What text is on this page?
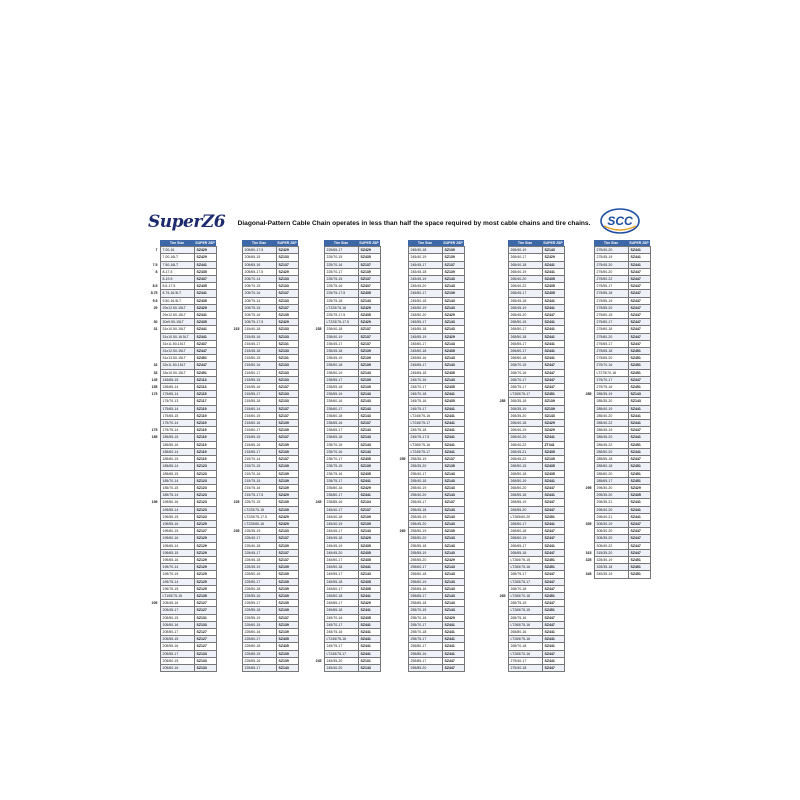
SuperZ6	Diagonal-Pattern Cable Chain operates in less than half the space required by most cable chains and tire chains.	SCC
	Tire Size	SUPER Z6P
7	7.00-16	SZ429
	7.00-16LT	SZ429
7.5	7.50-16LT	SZ441
8	8-17.5	SZ435
	8-19.5	SZ437
8.5	8.5-17.5	SZ435
8.75	8.75-16.5LT	SZ441
9.5	9.50-16.5LT	SZ435
29	29x12.50-15LT	SZ429
	29x12.50-15LT	SZ441
30	30x9.50-15LT	SZ435
31	31x10.50-15LT	SZ441
	31x10.50-16.5LT	SZ441
	31x11.50-15LT	SZ437
	31x12.50-15LT	SZ447
	31x13.50-15LT	SZ451
32	32x11.50-15LT	SZ447
33	33x10.50-15LT	SZ451
145	145/65-15	SZ113
155	155/65-14	SZ113
175	175/65-14	SZ115
	175/70-13	SZ117
	175/65-14	SZ119
	175/65-15	SZ119
	175/70-14	SZ119
175	175/75-14	SZ119
185	185/55-15	SZ119
	185/55-16	SZ119
	185/60-14	SZ119
	185/60-15	SZ119
	185/65-14	SZ123
	185/65-15	SZ123
	185/70-14	SZ123
	185/70-15	SZ123
	185/75-14	SZ123
195	195/50-16	SZ123
	195/55-14	SZ123
	195/55-15	SZ123
	195/55-16	SZ129
	195/60-15	SZ127
	195/60-16	SZ129
	195/65-14	SZ129
	195/65-15	SZ129
	195/65-16	SZ129
	195/70-14	SZ129
	195/70-15	SZ129
	195/75-14	SZ129
	195/75-15	SZ129
	LT195/75-15	SZ135
205	205/45-16	SZ127
	205/45-17	SZ127
	205/50-15	SZ131
	205/50-16	SZ133
	205/50-17	SZ127
	205/55-15	SZ127
	205/55-16	SZ127
	205/55-17	SZ133
	205/60-15	SZ133
	205/60-16	SZ133
	Tire Size	SUPER Z6P
	205/60-17.5	SZ429
	205/65-15	SZ133
	205/65-16	SZ137
	205/65-17.5	SZ429
	205/70-14	SZ133
	205/70-15	SZ133
	205/70-16	SZ137
	205/75-14	SZ133
	205/75-15	SZ137
	205/75-16	SZ139
	205/75-17.5	SZ429
215	215/40-18	SZ133
	215/45-16	SZ133
	215/45-17	SZ131
	215/45-18	SZ133
	215/50-15	SZ131
	215/50-16	SZ133
	215/50-17	SZ133
	215/55-15	SZ133
	215/55-16	SZ137
	215/55-17	SZ133
	215/55-18	SZ133
	215/60-14	SZ137
	215/60-15	SZ137
	215/60-16	SZ139
	215/60-17	SZ139
	215/65-15	SZ137
	215/65-16	SZ139
	215/65-17	SZ139
	215/70-14	SZ137
	215/70-15	SZ139
	215/70-16	SZ139
	215/75-15	SZ139
	215/75-16	SZ139
	215/75-17.5	SZ429
225	225/70-15	SZ139
	LT225/75-15	SZ139
	LT225/75-17.5	SZ429
	LT225/80-16	SZ429
235	225/35-19	SZ133
	225/40-17	SZ137
	225/40-18	SZ139
	225/45-17	SZ137
	225/45-18	SZ137
	225/45-19	SZ139
	225/50-16	SZ139
	225/50-17	SZ139
	225/50-18	SZ139
	225/55-16	SZ139
	225/55-17	SZ139
	225/55-18	SZ139
	225/55-19	SZ137
	225/60-15	SZ139
	225/60-16	SZ139
	225/60-17	SZ435
	225/60-18	SZ435
	225/65-15	SZ139
	225/65-16	SZ139
	225/65-17	SZ143
	Tire Size	SUPER Z6P
	225/65-17	SZ429
	225/70-15	SZ435
	225/70-16	SZ137
	225/70-17	SZ139
	225/75-15	SZ137
	225/75-16	SZ437
	225/75-17.5	SZ435
	225/75-18	SZ143
	LT225/75-16	SZ429
	225/75-17.5	SZ435
	LT225/75-17.5	SZ429
235	235/40-18	SZ137
	235/40-19	SZ137
	235/45-17	SZ137
	235/45-18	SZ139
	235/45-19	SZ139
	235/50-18	SZ139
	235/50-19	SZ143
	235/55-17	SZ139
	235/55-18	SZ139
	235/55-19	SZ143
	235/60-16	SZ143
	235/60-17	SZ143
	235/60-18	SZ143
	235/65-16	SZ137
	235/65-17	SZ143
	235/65-18	SZ143
	235/70-15	SZ143
	235/70-16	SZ143
	235/70-17	SZ435
	235/75-15	SZ139
	235/75-16	SZ435
	235/75-17	SZ441
	235/80-16	SZ429
	235/80-17	SZ441
245	235/85-16	SZ134
	245/40-17	SZ137
	245/40-18	SZ139
	245/40-19	SZ139
	245/45-17	SZ143
	245/45-18	SZ429
	245/45-19	SZ435
	245/45-20	SZ435
	245/50-17	SZ435
	245/50-18	SZ441
	245/55-17	SZ143
	245/55-18	SZ435
	245/60-17	SZ435
	245/60-18	SZ441
	245/65-17	SZ429
	245/65-18	SZ441
	245/70-16	SZ435
	245/70-17	SZ441
	245/75-16	SZ441
	LT245/75-16	SZ441
	245/75-17	SZ441
	LT245/75-17	SZ441
245	245/35-20	SZ131
	245/40-20	SZ143
	Tire Size	SUPER Z6P
	245/40-18	SZ139
	245/40-19	SZ139
	245/45-17	SZ137
	245/45-18	SZ139
	245/45-19	SZ143
	245/45-20	SZ143
	245/50-17	SZ139
	245/50-18	SZ143
	245/50-19	SZ143
	245/50-20	SZ429
	245/55-17	SZ143
	245/55-18	SZ143
	245/55-19	SZ429
	245/60-17	SZ143
	245/60-18	SZ435
	245/65-16	SZ143
	245/65-17	SZ143
	245/65-18	SZ435
	245/70-16	SZ143
	245/70-17	SZ435
	245/70-18	SZ441
	245/75-16	SZ435
	245/75-17	SZ441
	LT245/75-16	SZ441
	LT245/75-17	SZ441
	245/75-18	SZ441
	245/75-17.5	SZ441
	LT265/75-16	SZ441
	LT245/75-17	SZ441
255	255/35-19	SZ137
	255/35-20	SZ135
	255/40-17	SZ143
	255/40-18	SZ143
	255/40-19	SZ143
	255/40-20	SZ143
	255/45-17	SZ137
	255/45-18	SZ143
	255/45-19	SZ143
	255/45-20	SZ143
265	255/50-19	SZ135
	255/50-20	SZ143
	255/55-18	SZ143
	255/55-19	SZ143
	255/55-20	SZ429
	255/60-17	SZ143
	255/60-18	SZ143
	255/60-19	SZ143
	255/65-16	SZ143
	255/65-17	SZ143
	255/65-18	SZ143
	255/70-15	SZ143
	255/70-16	SZ429
	255/70-17	SZ441
	255/70-18	SZ441
	255/75-17	SZ441
	255/80-17	SZ441
	255/85-16	SZ441
	255/85-17	SZ447
	255/85-20	SZ447
	Tire Size	SUPER Z6P
	265/40-19	SZ143
	265/40-17	SZ429
	265/40-18	SZ441
	265/40-19	SZ441
	265/40-20	SZ435
	265/40-22	SZ435
	265/45-17	SZ435
	265/45-18	SZ441
	265/45-19	SZ441
	265/45-20	SZ447
	265/50-15	SZ441
	265/50-17	SZ441
	265/50-18	SZ441
	265/55-17	SZ441
	265/60-17	SZ441
	265/60-18	SZ441
	265/70-15	SZ447
	265/70-16	SZ447
	265/70-17	SZ447
	265/75-17	SZ447
	LT265/75-17	SZ451
285	265/35-18	SZ139
	265/35-19	SZ139
	265/35-20	SZ143
	265/40-18	SZ429
	265/40-19	SZ429
	265/40-20	SZ441
	265/40-22	ZT441
	265/45-21	SZ435
	265/45-22	SZ139
	265/50-15	SZ435
	265/50-18	SZ435
	265/50-19	SZ441
	265/50-20	SZ447
	265/55-18	SZ441
	265/55-19	SZ447
	265/55-20	SZ447
	LT265/60-20	SZ451
	265/60-17	SZ441
	265/60-18	SZ447
	265/60-19	SZ447
	265/65-17	SZ441
	265/65-18	SZ447
	LT265/75-15	SZ451
	LT265/75-16	SZ451
	265/75-17	SZ447
	LT265/75-17	SZ447
	265/70-18	SZ447
265	LT265/70-18	SZ451
	265/75-15	SZ447
	LT265/75-15	SZ451
	265/75-16	SZ447
	LT265/75-16	SZ447
	265/80-16	SZ441
	LT265/75-16	SZ441
	265/70-18	SZ441
	LT265/70-16	SZ447
	275/40-17	SZ441
	275/40-18	SZ447
	Tire Size	SUPER Z6P
	275/40-20	SZ441
	275/45-19	SZ441
	275/45-20	SZ441
	275/50-20	SZ447
	275/50-22	SZ447
	275/55-17	SZ447
	275/55-18	SZ447
	275/55-19	SZ447
	275/55-20	SZ447
	275/60-15	SZ447
	275/60-17	SZ447
	275/60-18	SZ447
	275/60-20	SZ447
	275/65-17	SZ447
	275/65-18	SZ451
	275/65-20	SZ451
	275/70-16	SZ451
	LT275/70-18	SZ451
	275/70-17	SZ447
	275/75-16	SZ451
285	285/35-19	SZ143
	285/35-20	SZ143
	285/40-19	SZ441
	285/40-20	SZ441
	285/40-22	SZ441
	285/45-19	SZ447
	285/45-20	SZ441
	285/45-22	SZ451
	285/50-20	SZ441
	285/55-18	SZ447
	285/60-18	SZ451
	285/60-20	SZ451
	285/65-17	SZ451
295	295/30-20	SZ429
	295/35-20	SZ435
	295/35-21	SZ441
	295/40-20	SZ441
	295/40-21	SZ441
305	305/30-19	SZ447
	305/30-20	SZ447
	305/35-20	SZ447
	305/40-22	SZ447
315	315/35-20	SZ447
325	325/30-19	SZ451
	325/35-18	SZ451
345	345/35-19	SZ451
